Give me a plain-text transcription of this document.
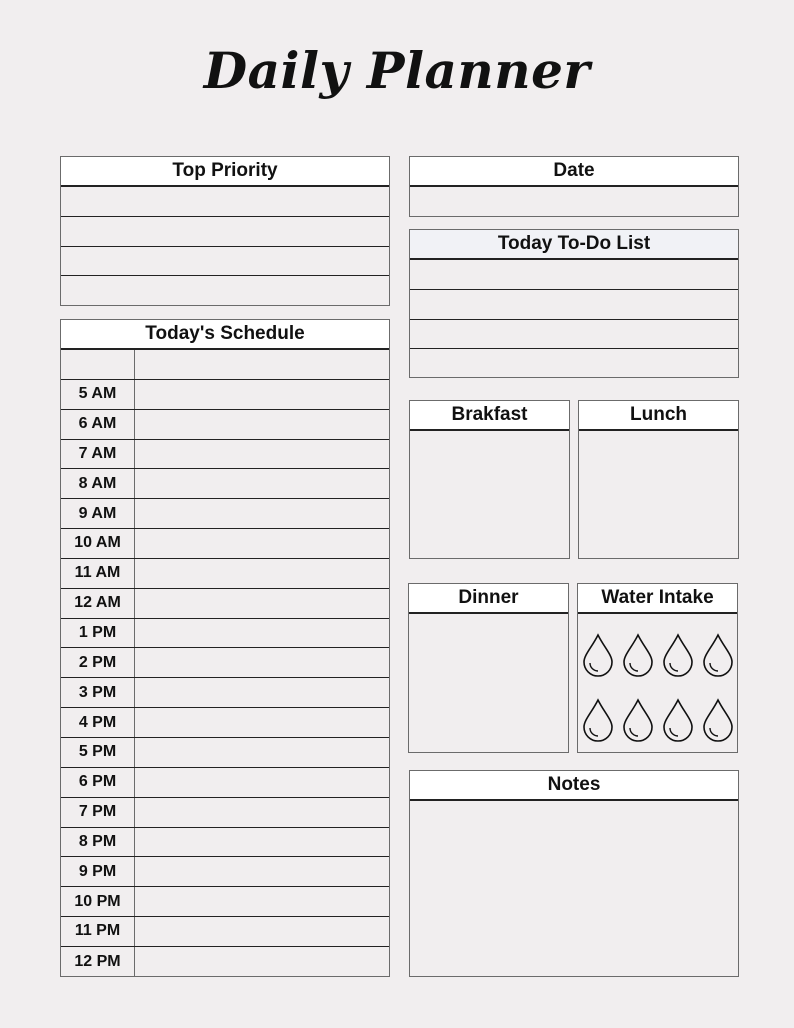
Daily Planner
Top Priority	Date
Today To-Do List
Today's Schedule
5 AM
6 AM
7 AM
8 AM
9 AM
10 AM
11 AM
12 AM
1 PM
2 PM
3 PM
4 PM
5 PM
6 PM
7 PM
8 PM
9 PM
10 PM
11 PM
12 PM
Brakfast	Lunch
Dinner	Water Intake
Notes
